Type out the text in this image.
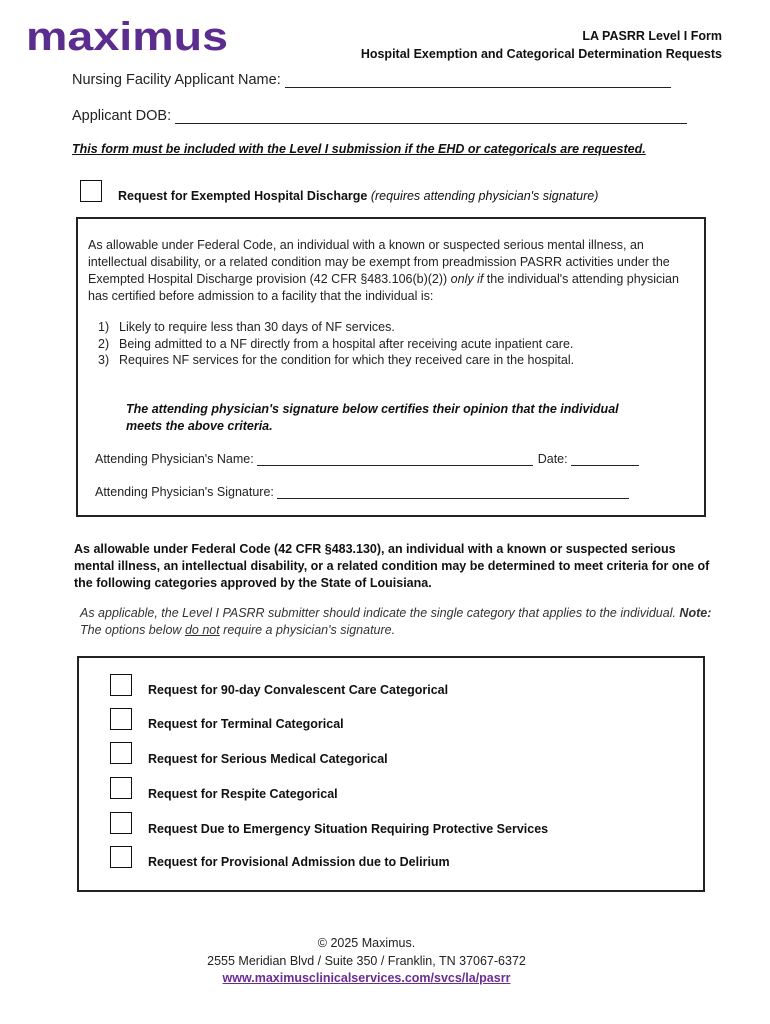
maximus	LA PASRR Level I Form
Hospital Exemption and Categorical Determination Requests
Nursing Facility Applicant Name:
Applicant DOB:
This form must be included with the Level I submission if the EHD or categoricals are requested.
Request for Exempted Hospital Discharge (requires attending physician's signature)
As allowable under Federal Code, an individual with a known or suspected serious mental illness, an intellectual disability, or a related condition may be exempt from preadmission PASRR activities under the Exempted Hospital Discharge provision (42 CFR §483.106(b)(2)) only if the individual's attending physician has certified before admission to a facility that the individual is:
1) Likely to require less than 30 days of NF services.
2) Being admitted to a NF directly from a hospital after receiving acute inpatient care.
3) Requires NF services for the condition for which they received care in the hospital.
The attending physician's signature below certifies their opinion that the individual meets the above criteria.
Attending Physician's Name:	Date:
Attending Physician's Signature:
As allowable under Federal Code (42 CFR §483.130), an individual with a known or suspected serious mental illness, an intellectual disability, or a related condition may be determined to meet criteria for one of the following categories approved by the State of Louisiana.
As applicable, the Level I PASRR submitter should indicate the single category that applies to the individual. Note: The options below do not require a physician's signature.
Request for 90-day Convalescent Care Categorical
Request for Terminal Categorical
Request for Serious Medical Categorical
Request for Respite Categorical
Request Due to Emergency Situation Requiring Protective Services
Request for Provisional Admission due to Delirium
© 2025 Maximus.
2555 Meridian Blvd / Suite 350 / Franklin, TN 37067-6372
www.maximusclinicalservices.com/svcs/la/pasrr
